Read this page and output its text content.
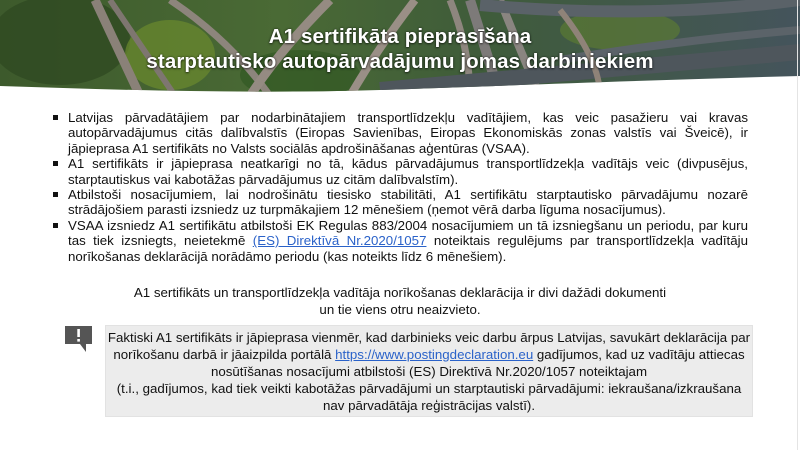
A1 sertifikāta pieprasīšana
starptautisko autopārvadājumu jomas darbiniekiem
Latvijas pārvadātājiem par nodarbinātajiem transportlīdzekļu vadītājiem, kas veic pasažieru vai kravas autopārvadājumus citās dalībvalstīs (Eiropas Savienības, Eiropas Ekonomiskās zonas valstīs vai Šveicē), ir jāpieprasa A1 sertifikāts no Valsts sociālās apdrošināšanas aģentūras (VSAA).
A1 sertifikāts ir jāpieprasa neatkarīgi no tā, kādus pārvadājumus transportlīdzekļa vadītājs veic (divpusējus, starptautiskus vai kabotāžas pārvadājumus uz citām dalībvalstīm).
Atbilstoši nosacījumiem, lai nodrošinātu tiesisko stabilitāti, A1 sertifikātu starptautisko pārvadājumu nozarē strādājošiem parasti izsniedz uz turpmākajiem 12 mēnešiem (ņemot vērā darba līguma nosacījumus).
VSAA izsniedz A1 sertifikātu atbilstoši EK Regulas 883/2004 nosacījumiem un tā izsniegšanu un periodu, par kuru tas tiek izsniegts, neietekmē (ES) Direktīvā Nr.2020/1057 noteiktais regulējums par transportlīdzekļa vadītāju norīkošanas deklarācijā norādāmo periodu (kas noteikts līdz 6 mēnešiem).
A1 sertifikāts un transportlīdzekļa vadītāja norīkošanas deklarācija ir divi dažādi dokumenti
un tie viens otru neaizvieto.
Faktiski A1 sertifikāts ir jāpieprasa vienmēr, kad darbinieks veic darbu ārpus Latvijas, savukārt deklarācija par norīkošanu darbā ir jāaizpilda portālā https://www.postingdeclaration.eu gadījumos, kad uz vadītāju attiecas nosūtīšanas nosacījumi atbilstoši (ES) Direktīvā Nr.2020/1057 noteiktajam
(t.i., gadījumos, kad tiek veikti kabotāžas pārvadājumi un starptautiski pārvadājumi: iekraušana/izkraušana nav pārvadātāja reģistrācijas valstī).
